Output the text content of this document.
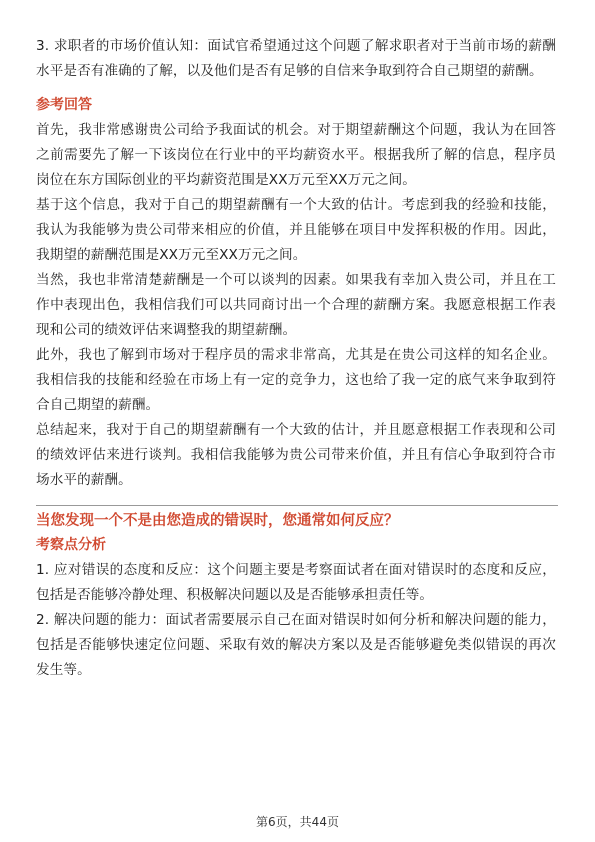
3. 求职者的市场价值认知：面试官希望通过这个问题了解求职者对于当前市场的薪酬水平是否有准确的了解，以及他们是否有足够的自信来争取到符合自己期望的薪酬。

参考回答

首先，我非常感谢贵公司给予我面试的机会。对于期望薪酬这个问题，我认为在回答之前需要先了解一下该岗位在行业中的平均薪资水平。根据我所了解的信息，程序员岗位在东方国际创业的平均薪资范围是XX万元至XX万元之间。

基于这个信息，我对于自己的期望薪酬有一个大致的估计。考虑到我的经验和技能，我认为我能够为贵公司带来相应的价值，并且能够在项目中发挥积极的作用。因此，我期望的薪酬范围是XX万元至XX万元之间。

当然，我也非常清楚薪酬是一个可以谈判的因素。如果我有幸加入贵公司，并且在工作中表现出色，我相信我们可以共同商讨出一个合理的薪酬方案。我愿意根据工作表现和公司的绩效评估来调整我的期望薪酬。

此外，我也了解到市场对于程序员的需求非常高，尤其是在贵公司这样的知名企业。我相信我的技能和经验在市场上有一定的竞争力，这也给了我一定的底气来争取到符合自己期望的薪酬。

总结起来，我对于自己的期望薪酬有一个大致的估计，并且愿意根据工作表现和公司的绩效评估来进行谈判。我相信我能够为贵公司带来价值，并且有信心争取到符合市场水平的薪酬。

当您发现一个不是由您造成的错误时，您通常如何反应？
考察点分析

1. 应对错误的态度和反应：这个问题主要是考察面试者在面对错误时的态度和反应，包括是否能够冷静处理、积极解决问题以及是否能够承担责任等。

2. 解决问题的能力：面试者需要展示自己在面对错误时如何分析和解决问题的能力，包括是否能够快速定位问题、采取有效的解决方案以及是否能够避免类似错误的再次发生等。

第6页，共44页
